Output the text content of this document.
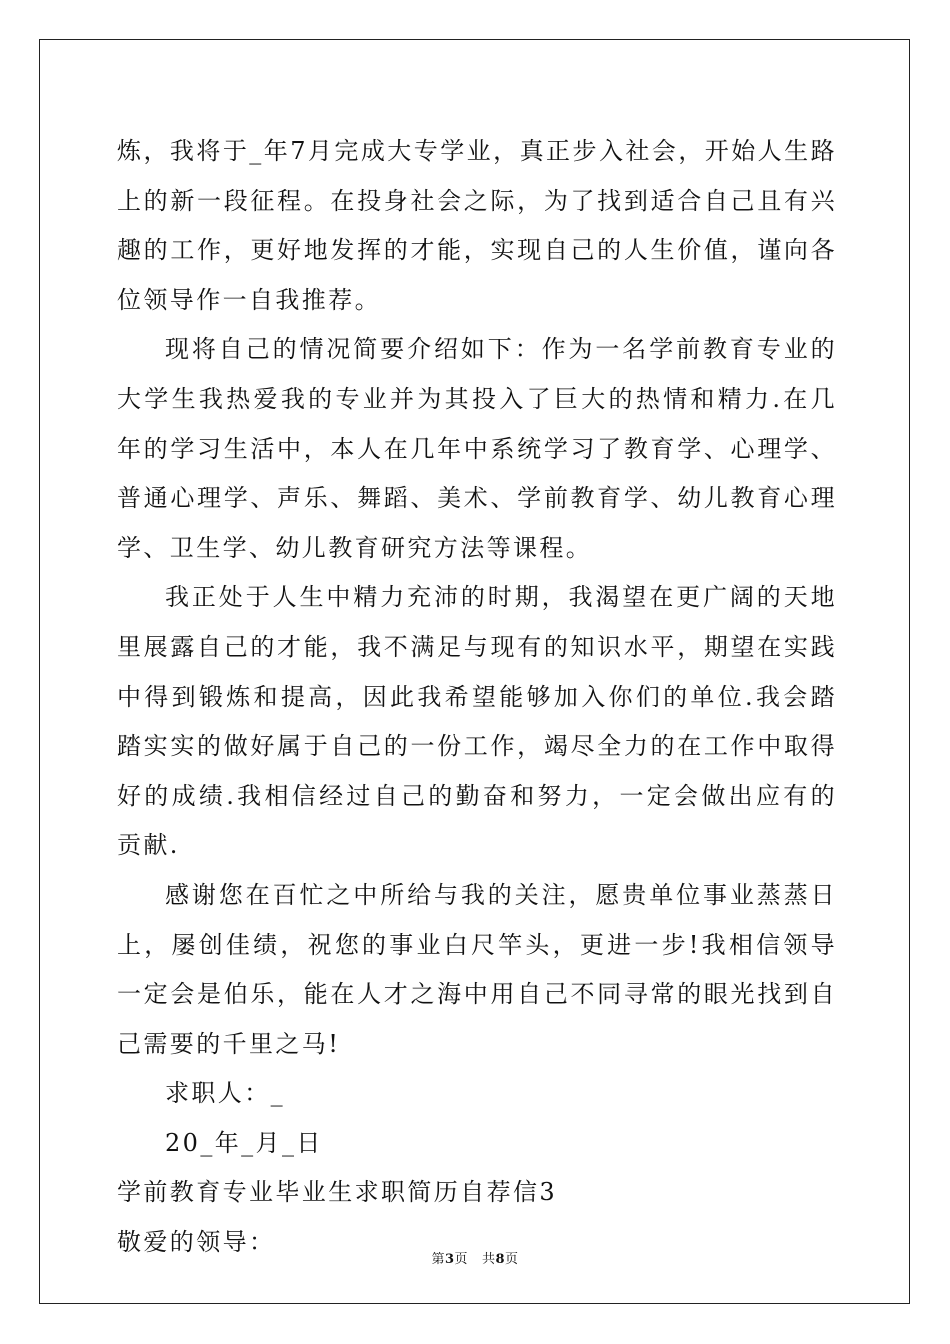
炼，我将于_年7月完成大专学业，真正步入社会，开始人生路上的新一段征程。在投身社会之际，为了找到适合自己且有兴趣的工作，更好地发挥的才能，实现自己的人生价值，谨向各位领导作一自我推荐。

现将自己的情况简要介绍如下：作为一名学前教育专业的大学生我热爱我的专业并为其投入了巨大的热情和精力.在几年的学习生活中，本人在几年中系统学习了教育学、心理学、普通心理学、声乐、舞蹈、美术、学前教育学、幼儿教育心理学、卫生学、幼儿教育研究方法等课程。

我正处于人生中精力充沛的时期，我渴望在更广阔的天地里展露自己的才能，我不满足与现有的知识水平，期望在实践中得到锻炼和提高，因此我希望能够加入你们的单位.我会踏踏实实的做好属于自己的一份工作，竭尽全力的在工作中取得好的成绩.我相信经过自己的勤奋和努力，一定会做出应有的贡献.

感谢您在百忙之中所给与我的关注，愿贵单位事业蒸蒸日上，屡创佳绩，祝您的事业白尺竿头，更进一步!我相信领导一定会是伯乐，能在人才之海中用自己不同寻常的眼光找到自己需要的千里之马!

求职人：_

20_年_月_日

学前教育专业毕业生求职简历自荐信3

敬爱的领导：

第3页 共8页
